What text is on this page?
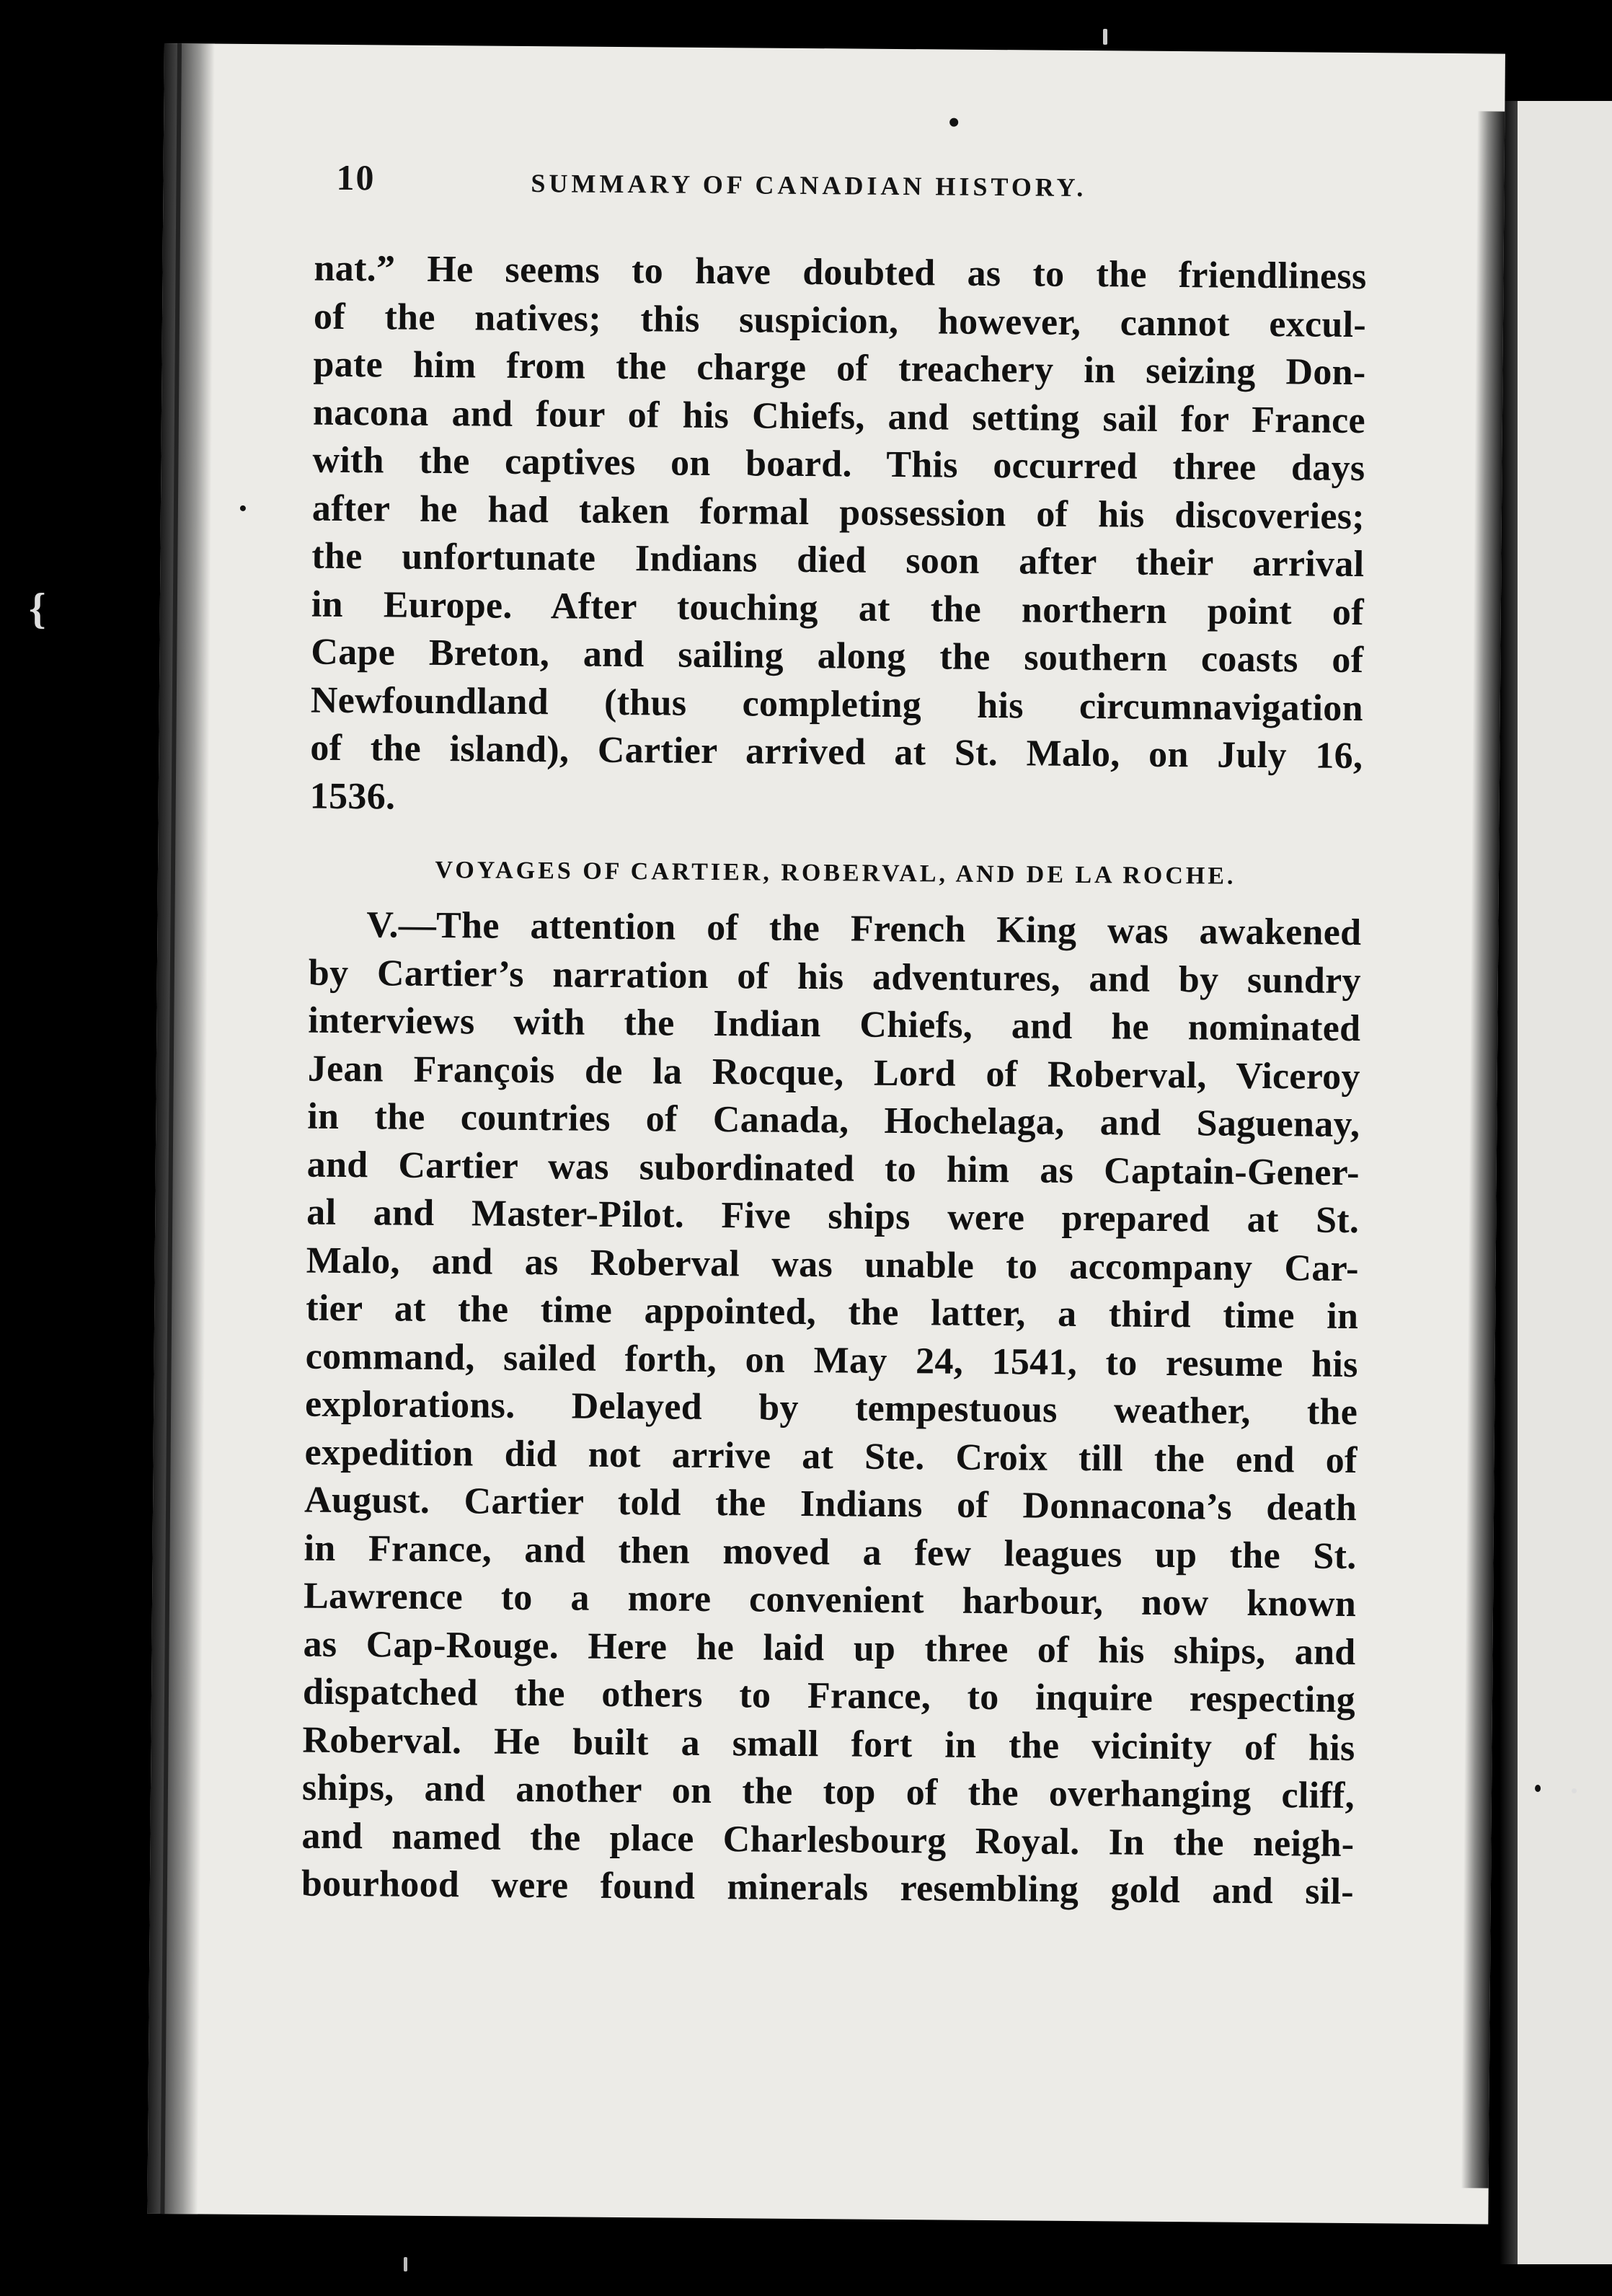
10	SUMMARY OF CANADIAN HISTORY.
nat.” He seems to have doubted as to the friendliness
of the natives; this suspicion, however, cannot excul-
pate him from the charge of treachery in seizing Don-
nacona and four of his Chiefs, and setting sail for France
with the captives on board. This occurred three days
after he had taken formal possession of his discoveries;
the unfortunate Indians died soon after their arrival
in Europe. After touching at the northern point of
Cape Breton, and sailing along the southern coasts of
Newfoundland (thus completing his circumnavigation
of the island), Cartier arrived at St. Malo, on July 16,
1536.
VOYAGES OF CARTIER, ROBERVAL, AND DE LA ROCHE.
V.—The attention of the French King was awakened
by Cartier’s narration of his adventures, and by sundry
interviews with the Indian Chiefs, and he nominated
Jean François de la Rocque, Lord of Roberval, Viceroy
in the countries of Canada, Hochelaga, and Saguenay,
and Cartier was subordinated to him as Captain-Gener-
al and Master-Pilot. Five ships were prepared at St.
Malo, and as Roberval was unable to accompany Car-
tier at the time appointed, the latter, a third time in
command, sailed forth, on May 24, 1541, to resume his
explorations. Delayed by tempestuous weather, the
expedition did not arrive at Ste. Croix till the end of
August. Cartier told the Indians of Donnacona’s death
in France, and then moved a few leagues up the St.
Lawrence to a more convenient harbour, now known
as Cap-Rouge. Here he laid up three of his ships, and
dispatched the others to France, to inquire respecting
Roberval. He built a small fort in the vicinity of his
ships, and another on the top of the overhanging cliff,
and named the place Charlesbourg Royal. In the neigh-
bourhood were found minerals resembling gold and sil-
{
